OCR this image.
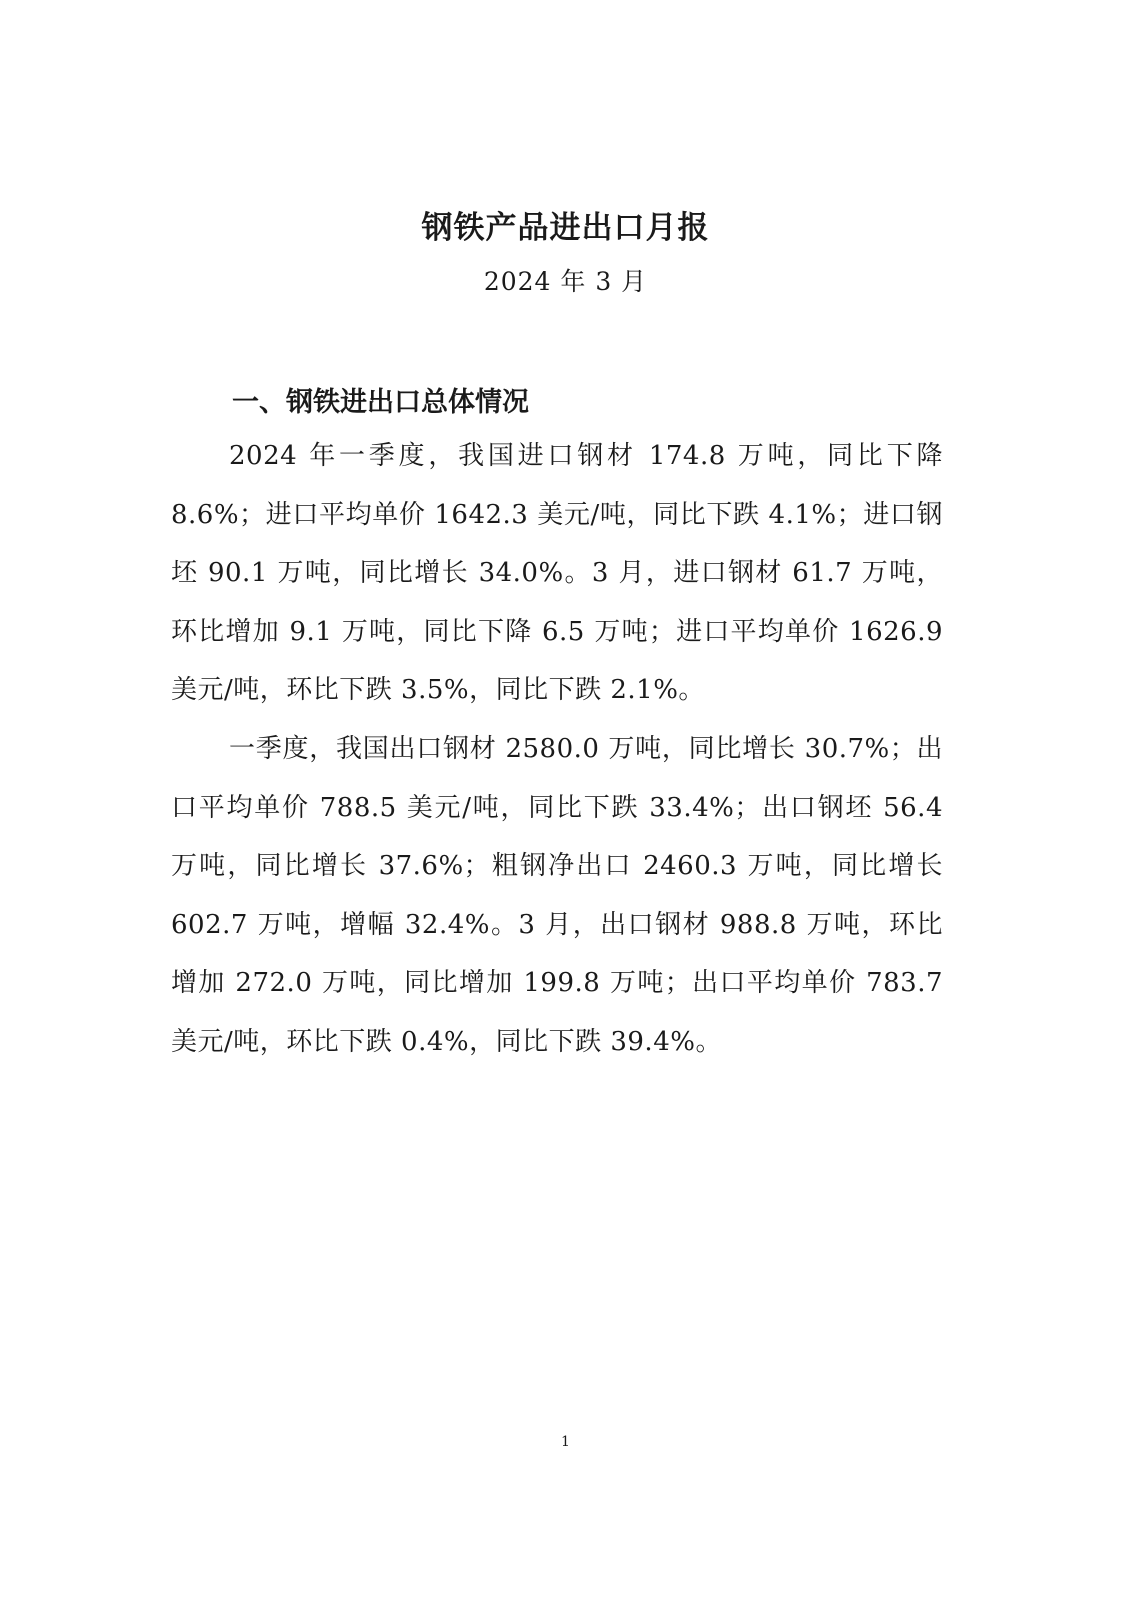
钢铁产品进出口月报

2024 年 3 月

一、钢铁进出口总体情况

2024 年一季度，我国进口钢材 174.8 万吨，同比下降 8.6%；进口平均单价 1642.3 美元/吨，同比下跌 4.1%；进口钢坯 90.1 万吨，同比增长 34.0%。3 月，进口钢材 61.7 万吨，环比增加 9.1 万吨，同比下降 6.5 万吨；进口平均单价 1626.9 美元/吨，环比下跌 3.5%，同比下跌 2.1%。

一季度，我国出口钢材 2580.0 万吨，同比增长 30.7%；出口平均单价 788.5 美元/吨，同比下跌 33.4%；出口钢坯 56.4 万吨，同比增长 37.6%；粗钢净出口 2460.3 万吨，同比增长 602.7 万吨，增幅 32.4%。3 月，出口钢材 988.8 万吨，环比增加 272.0 万吨，同比增加 199.8 万吨；出口平均单价 783.7 美元/吨，环比下跌 0.4%，同比下跌 39.4%。

1
